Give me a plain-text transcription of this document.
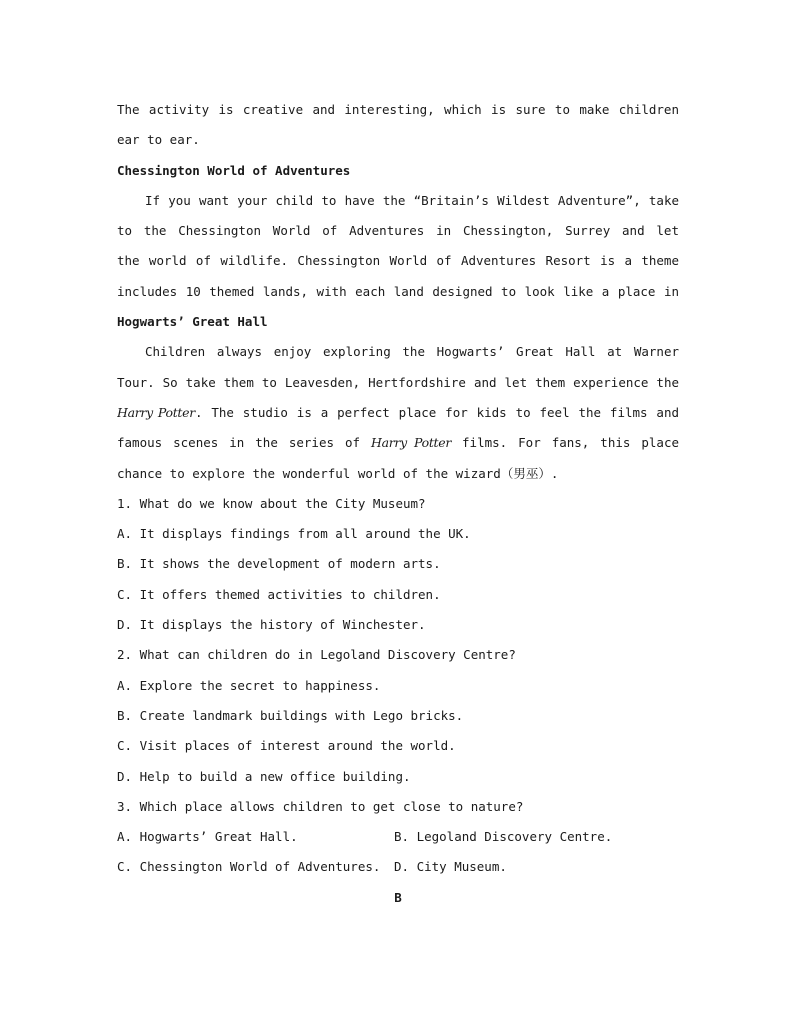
The activity is creative and interesting, which is sure to make children
ear to ear.
Chessington World of Adventures
If you want your child to have the “Britain’s Wildest Adventure”, take
to the Chessington World of Adventures in Chessington, Surrey and let
the world of wildlife. Chessington World of Adventures Resort is a theme
includes 10 themed lands, with each land designed to look like a place in
Hogwarts’ Great Hall
Children always enjoy exploring the Hogwarts’ Great Hall at Warner
Tour. So take them to Leavesden, Hertfordshire and let them experience the
Harry Potter. The studio is a perfect place for kids to feel the films and
famous scenes in the series of Harry Potter films. For fans, this place
chance to explore the wonderful world of the wizard（男巫）.
1. What do we know about the City Museum?
A. It displays findings from all around the UK.
B. It shows the development of modern arts.
C. It offers themed activities to children.
D. It displays the history of Winchester.
2. What can children do in Legoland Discovery Centre?
A. Explore the secret to happiness.
B. Create landmark buildings with Lego bricks.
C. Visit places of interest around the world.
D. Help to build a new office building.
3. Which place allows children to get close to nature?
A. Hogwarts’ Great Hall.	B. Legoland Discovery Centre.
C. Chessington World of Adventures. D. City Museum.
B
